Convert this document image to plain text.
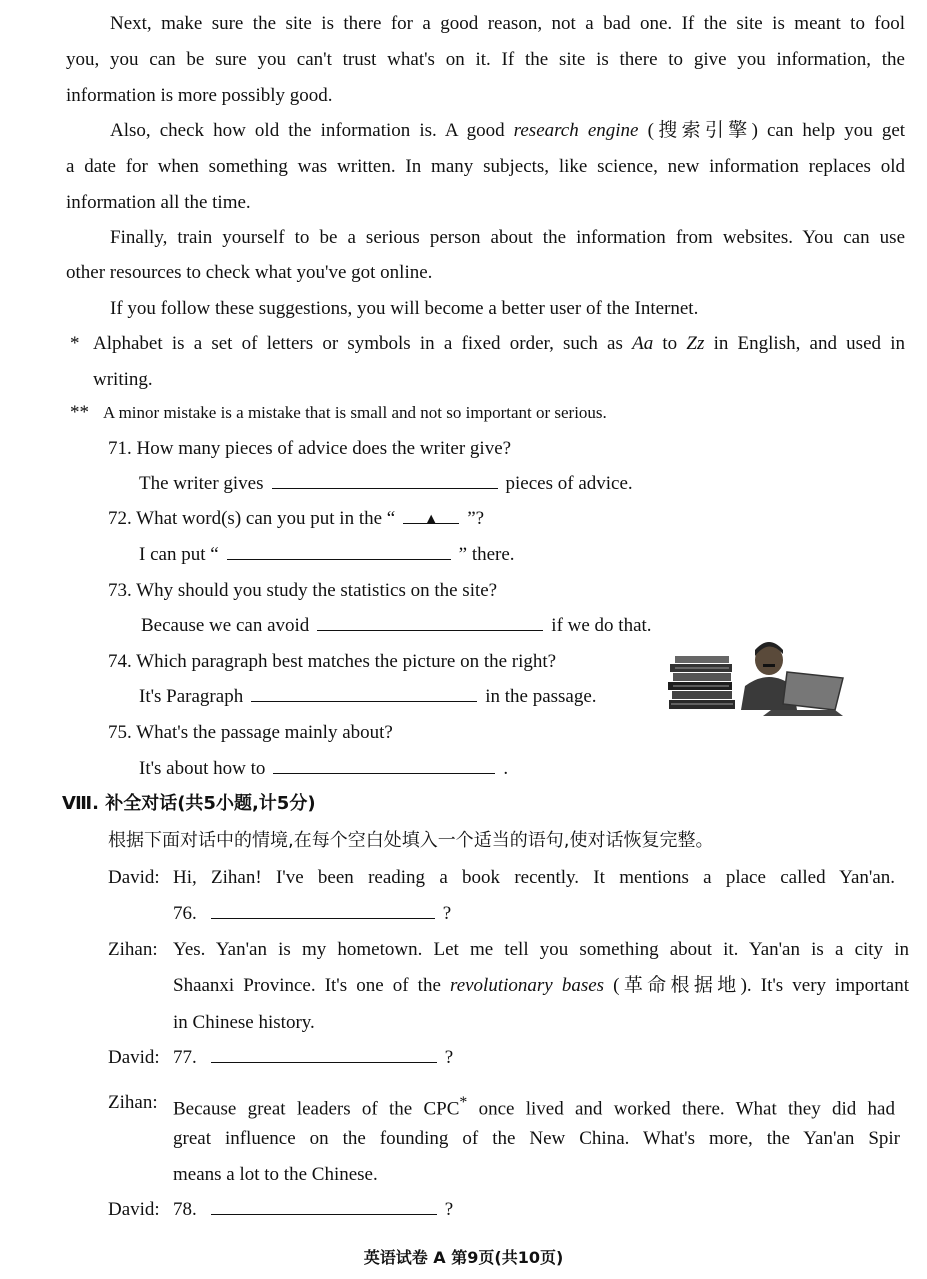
Next, make sure the site is there for a good reason, not a bad one. If the site is meant to fool
you, you can be sure you can't trust what's on it. If the site is there to give you information, the
information is more possibly good.
Also, check how old the information is. A good research engine (搜索引擎) can help you get
a date for when something was written. In many subjects, like science, new information replaces old
information all the time.
Finally, train yourself to be a serious person about the information from websites. You can use
other resources to check what you've got online.
If you follow these suggestions, you will become a better user of the Internet.
* Alphabet is a set of letters or symbols in a fixed order, such as Aa to Zz in English, and used in
writing.
** A minor mistake is a mistake that is small and not so important or serious.
71. How many pieces of advice does the writer give?
The writer gives	pieces of advice.
72. What word(s) can you put in the “ ▲ ”?
I can put “	” there.
73. Why should you study the statistics on the site?
Because we can avoid	if we do that.
74. Which paragraph best matches the picture on the right?
It's Paragraph	in the passage.
75. What's the passage mainly about?
It's about how to	.
Ⅷ. 补全对话(共5小题,计5分)
根据下面对话中的情境,在每个空白处填入一个适当的语句,使对话恢复完整。
David: Hi, Zihan! I've been reading a book recently. It mentions a place called Yan'an.
76.	?
Zihan: Yes. Yan'an is my hometown. Let me tell you something about it. Yan'an is a city in
Shaanxi Province. It's one of the revolutionary bases (革命根据地). It's very important
in Chinese history.
David: 77.	?
Zihan: Because great leaders of the CPC* once lived and worked there. What they did had
great influence on the founding of the New China. What's more, the Yan'an Spir
means a lot to the Chinese.
David: 78.	?
英语试卷 A 第9页(共10页)
